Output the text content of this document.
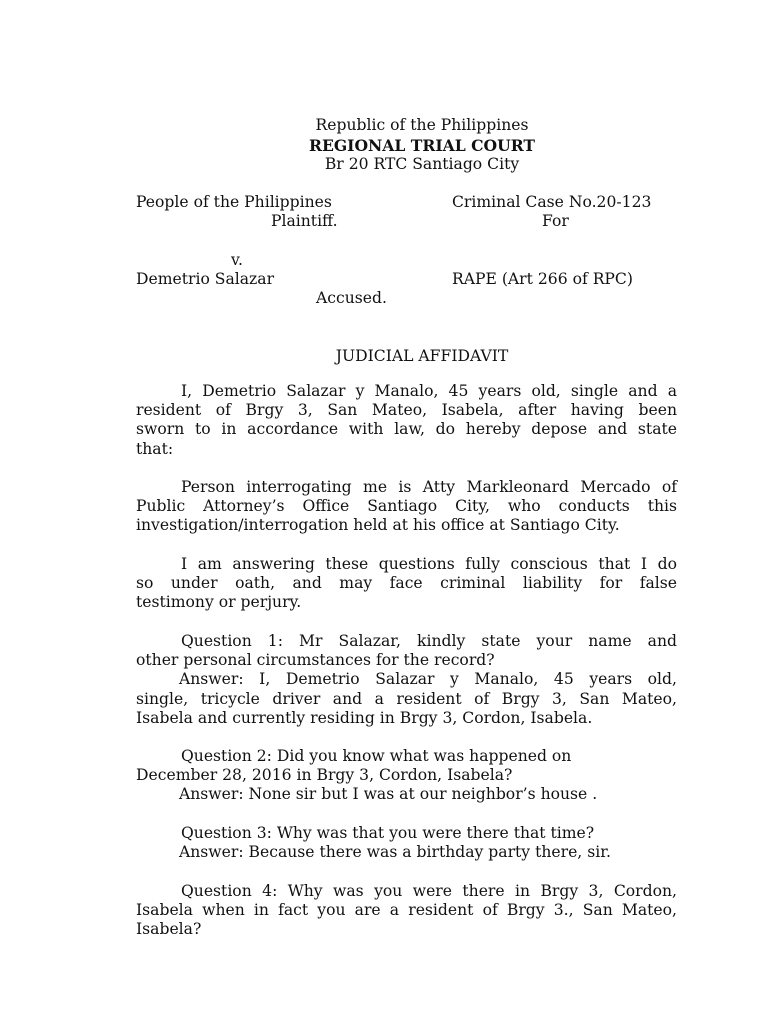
Republic of the Philippines
REGIONAL TRIAL COURT
Br 20 RTC Santiago City
People of the Philippines
Plaintiff.
v.
Demetrio Salazar
Accused.
Criminal Case No.20-123
For
RAPE (Art 266 of RPC)
JUDICIAL AFFIDAVIT
I, Demetrio Salazar y Manalo, 45 years old, single and a
resident of Brgy 3, San Mateo, Isabela, after having been
sworn to in accordance with law, do hereby depose and state
that:
Person interrogating me is Atty Markleonard Mercado of
Public Attorney’s Office Santiago City, who conducts this
investigation/interrogation held at his office at Santiago City.
I am answering these questions fully conscious that I do
so under oath, and may face criminal liability for false
testimony or perjury.
Question 1: Mr Salazar, kindly state your name and
other personal circumstances for the record?
Answer: I, Demetrio Salazar y Manalo, 45 years old,
single, tricycle driver and a resident of Brgy 3, San Mateo,
Isabela and currently residing in Brgy 3, Cordon, Isabela.
Question 2: Did you know what was happened on
December 28, 2016 in Brgy 3, Cordon, Isabela?
Answer: None sir but I was at our neighbor’s house .
Question 3: Why was that you were there that time?
Answer: Because there was a birthday party there, sir.
Question 4: Why was you were there in Brgy 3, Cordon,
Isabela when in fact you are a resident of Brgy 3., San Mateo,
Isabela?
